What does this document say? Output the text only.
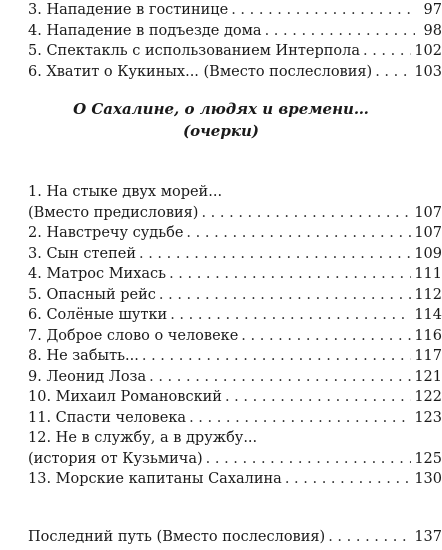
3. Нападение в гостинице . . .	97
4. Нападение в подъезде дома . . .	98
5. Спектакль с использованием Интерпола . . .	102
6. Хватит о Кукиных... (Вместо послесловия) . . .	103
О Сахалине, о людях и времени…
(очерки)
1. На стыке двух морей...
(Вместо предисловия) . . .	107
2. Навстречу судьбе . . .	107
3. Сын степей . . .	109
4. Матрос Михась . . .	111
5. Опасный рейс . . .	112
6. Солёные шутки . . .	114
7. Доброе слово о человеке . . .	116
8. Не забыть... . . .	117
9. Леонид Лоза . . .	121
10. Михаил Романовский . . .	122
11. Спасти человека . . .	123
12. Не в службу, а в дружбу...
(история от Кузьмича) . . .	125
13. Морские капитаны Сахалина . . .	130
Последний путь (Вместо послесловия) . . .	137
